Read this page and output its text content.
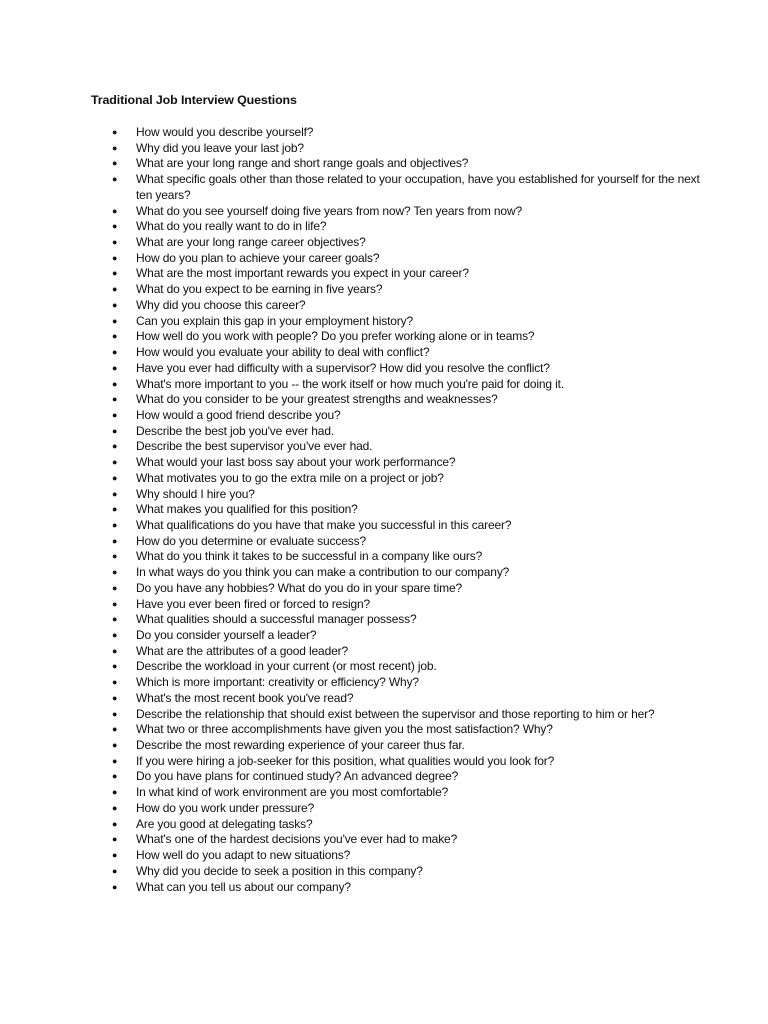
Traditional Job Interview Questions
● How would you describe yourself?
● Why did you leave your last job?
● What are your long range and short range goals and objectives?
● What specific goals other than those related to your occupation, have you established for yourself for the next ten years?
● What do you see yourself doing five years from now? Ten years from now?
● What do you really want to do in life?
● What are your long range career objectives?
● How do you plan to achieve your career goals?
● What are the most important rewards you expect in your career?
● What do you expect to be earning in five years?
● Why did you choose this career?
● Can you explain this gap in your employment history?
● How well do you work with people? Do you prefer working alone or in teams?
● How would you evaluate your ability to deal with conflict?
● Have you ever had difficulty with a supervisor? How did you resolve the conflict?
● What's more important to you -- the work itself or how much you're paid for doing it.
● What do you consider to be your greatest strengths and weaknesses?
● How would a good friend describe you?
● Describe the best job you've ever had.
● Describe the best supervisor you've ever had.
● What would your last boss say about your work performance?
● What motivates you to go the extra mile on a project or job?
● Why should I hire you?
● What makes you qualified for this position?
● What qualifications do you have that make you successful in this career?
● How do you determine or evaluate success?
● What do you think it takes to be successful in a company like ours?
● In what ways do you think you can make a contribution to our company?
● Do you have any hobbies? What do you do in your spare time?
● Have you ever been fired or forced to resign?
● What qualities should a successful manager possess?
● Do you consider yourself a leader?
● What are the attributes of a good leader?
● Describe the workload in your current (or most recent) job.
● Which is more important: creativity or efficiency? Why?
● What's the most recent book you've read?
● Describe the relationship that should exist between the supervisor and those reporting to him or her?
● What two or three accomplishments have given you the most satisfaction? Why?
● Describe the most rewarding experience of your career thus far.
● If you were hiring a job-seeker for this position, what qualities would you look for?
● Do you have plans for continued study? An advanced degree?
● In what kind of work environment are you most comfortable?
● How do you work under pressure?
● Are you good at delegating tasks?
● What's one of the hardest decisions you've ever had to make?
● How well do you adapt to new situations?
● Why did you decide to seek a position in this company?
● What can you tell us about our company?
